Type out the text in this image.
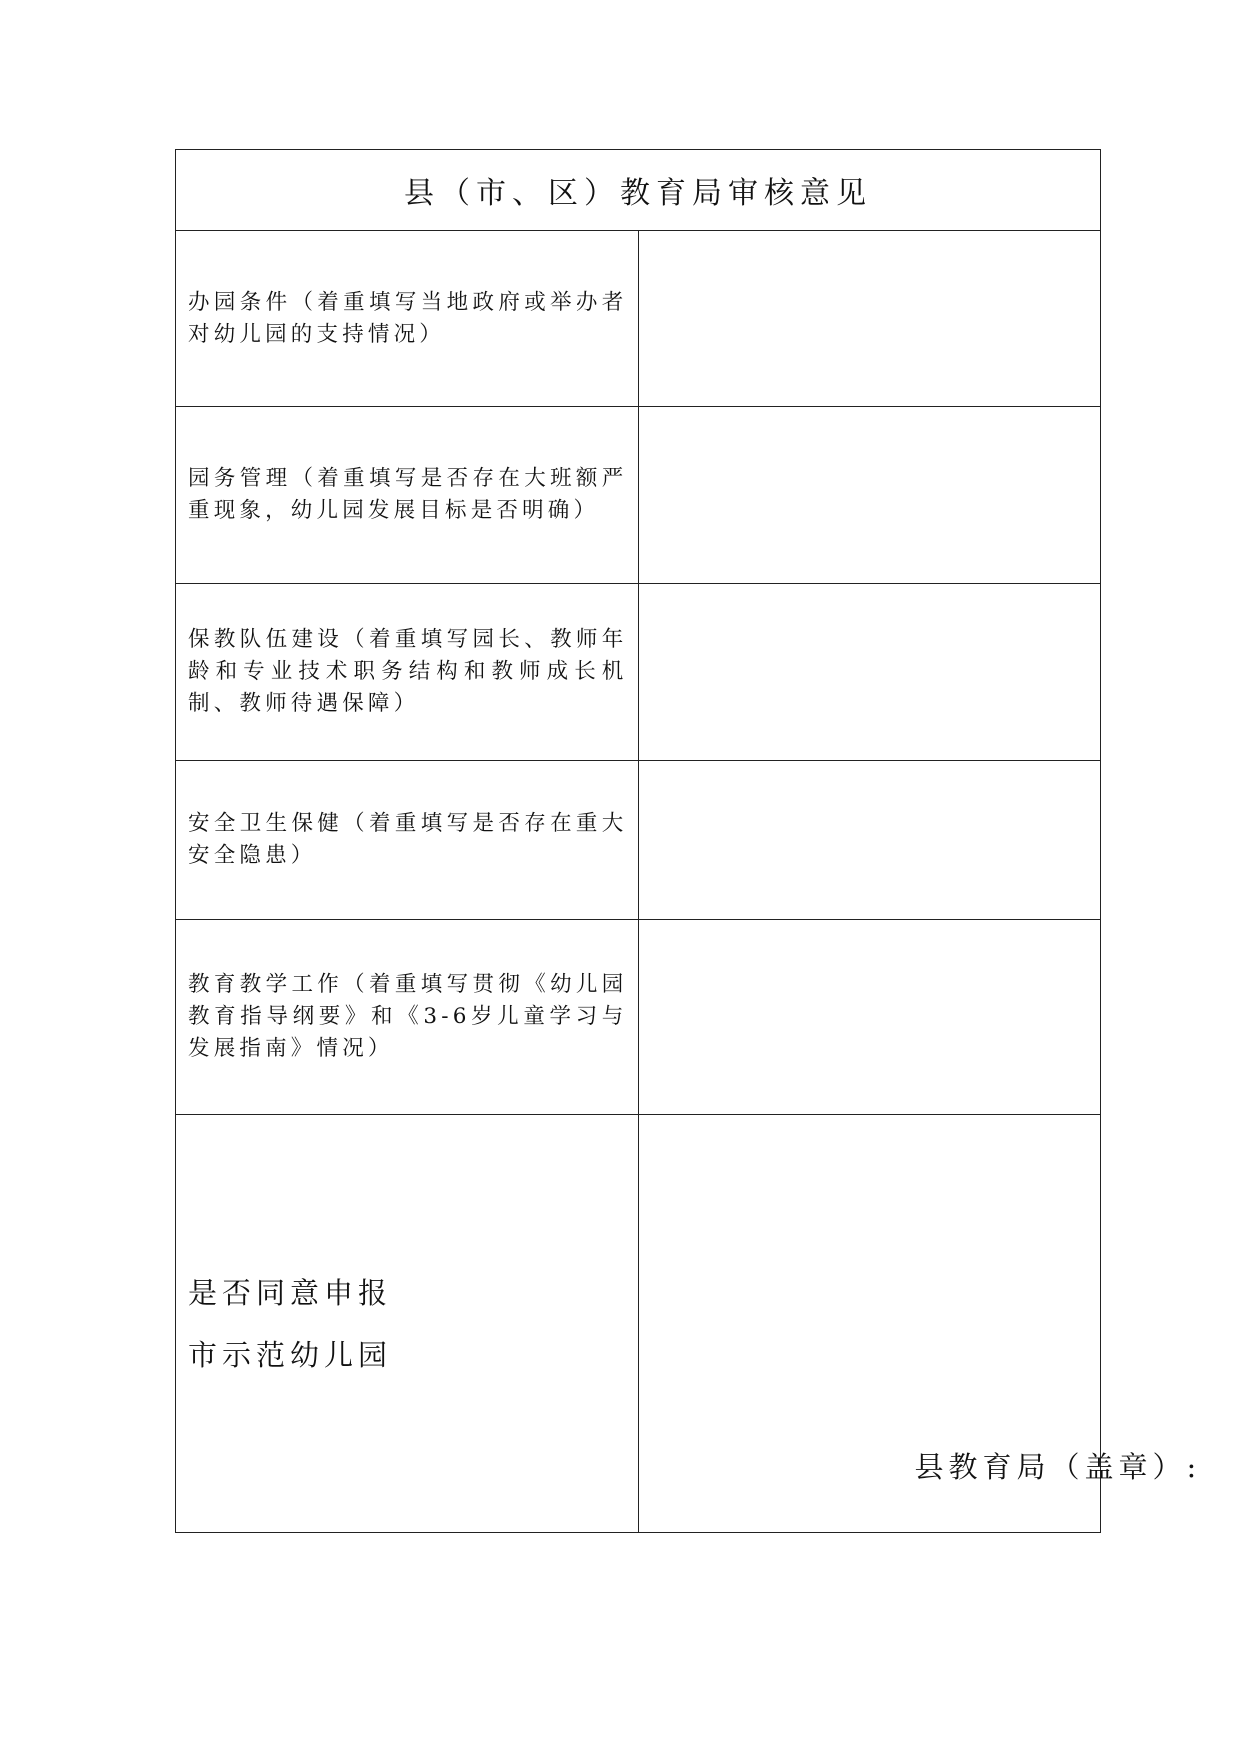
县（市、区）教育局审核意见	
办园条件（着重填写当地政府或举办者对幼儿园的支持情况）	
园务管理（着重填写是否存在大班额严重现象，幼儿园发展目标是否明确）	
保教队伍建设（着重填写园长、教师年龄和专业技术职务结构和教师成长机制、教师待遇保障）	
安全卫生保健（着重填写是否存在重大安全隐患）	
教育教学工作（着重填写贯彻《幼儿园教育指导纲要》和《3-6岁儿童学习与发展指南》情况）	

是否同意申报
市示范幼儿园	县教育局（盖章）:
